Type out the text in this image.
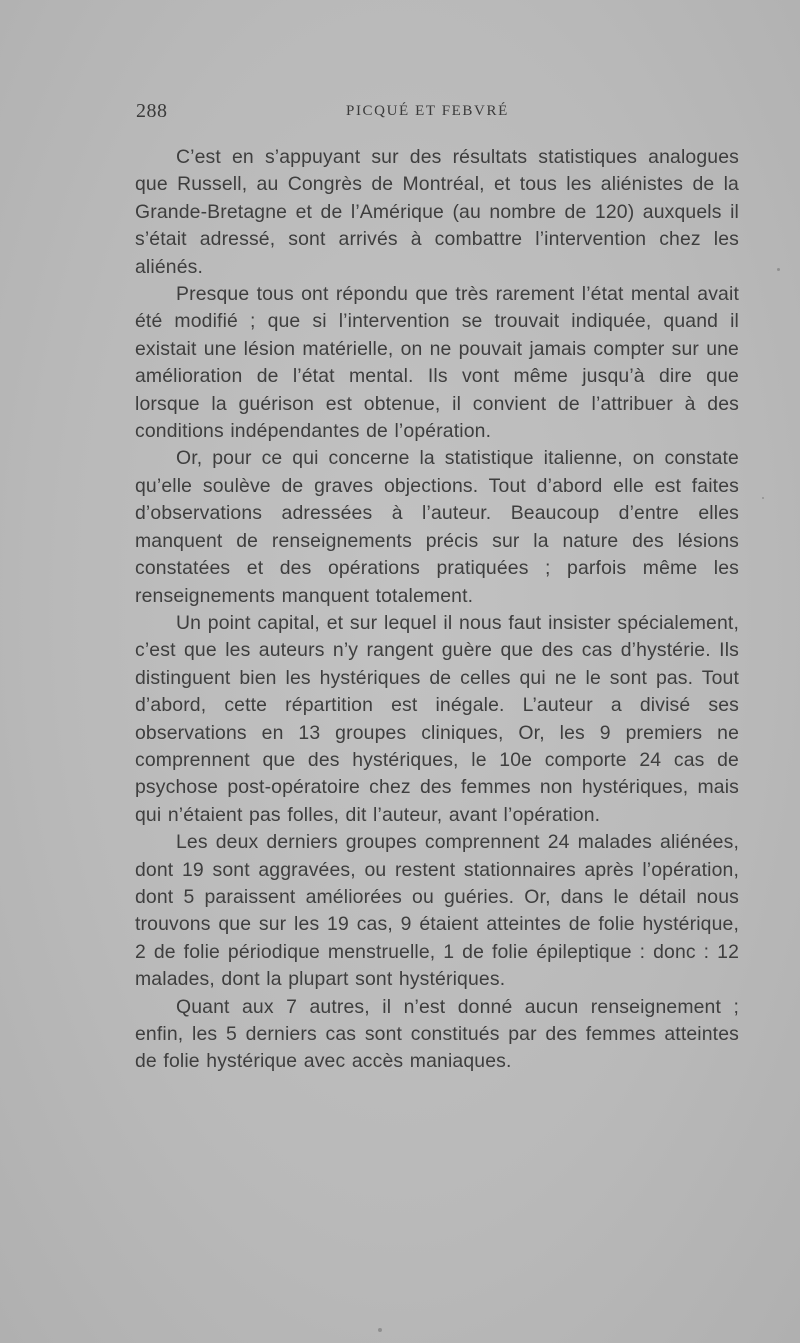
288	PICQUÉ ET FEBVRÉ

C’est en s’appuyant sur des résultats statistiques analogues que Russell, au Congrès de Montréal, et tous les aliénistes de la Grande-Bretagne et de l’Amérique (au nombre de 120) auxquels il s’était adressé, sont arrivés à combattre l’intervention chez les aliénés.

Presque tous ont répondu que très rarement l’état mental avait été modifié ; que si l’intervention se trouvait indiquée, quand il existait une lésion matérielle, on ne pouvait jamais compter sur une amélioration de l’état mental. Ils vont même jusqu’à dire que lorsque la guérison est obtenue, il convient de l’attribuer à des conditions indépendantes de l’opération.

Or, pour ce qui concerne la statistique italienne, on constate qu’elle soulève de graves objections. Tout d’abord elle est faites d’observations adressées à l’auteur. Beaucoup d’entre elles manquent de renseignements précis sur la nature des lésions constatées et des opérations pratiquées ; parfois même les renseignements manquent totalement.

Un point capital, et sur lequel il nous faut insister spécialement, c’est que les auteurs n’y rangent guère que des cas d’hystérie. Ils distinguent bien les hystériques de celles qui ne le sont pas. Tout d’abord, cette répartition est inégale. L’auteur a divisé ses observations en 13 groupes cliniques, Or, les 9 premiers ne comprennent que des hystériques, le 10e comporte 24 cas de psychose post-opératoire chez des femmes non hystériques, mais qui n’étaient pas folles, dit l’auteur, avant l’opération.

Les deux derniers groupes comprennent 24 malades aliénées, dont 19 sont aggravées, ou restent stationnaires après l’opération, dont 5 paraissent améliorées ou guéries. Or, dans le détail nous trouvons que sur les 19 cas, 9 étaient atteintes de folie hystérique, 2 de folie périodique menstruelle, 1 de folie épileptique : donc : 12 malades, dont la plupart sont hystériques.

Quant aux 7 autres, il n’est donné aucun renseignement ; enfin, les 5 derniers cas sont constitués par des femmes atteintes de folie hystérique avec accès maniaques.
